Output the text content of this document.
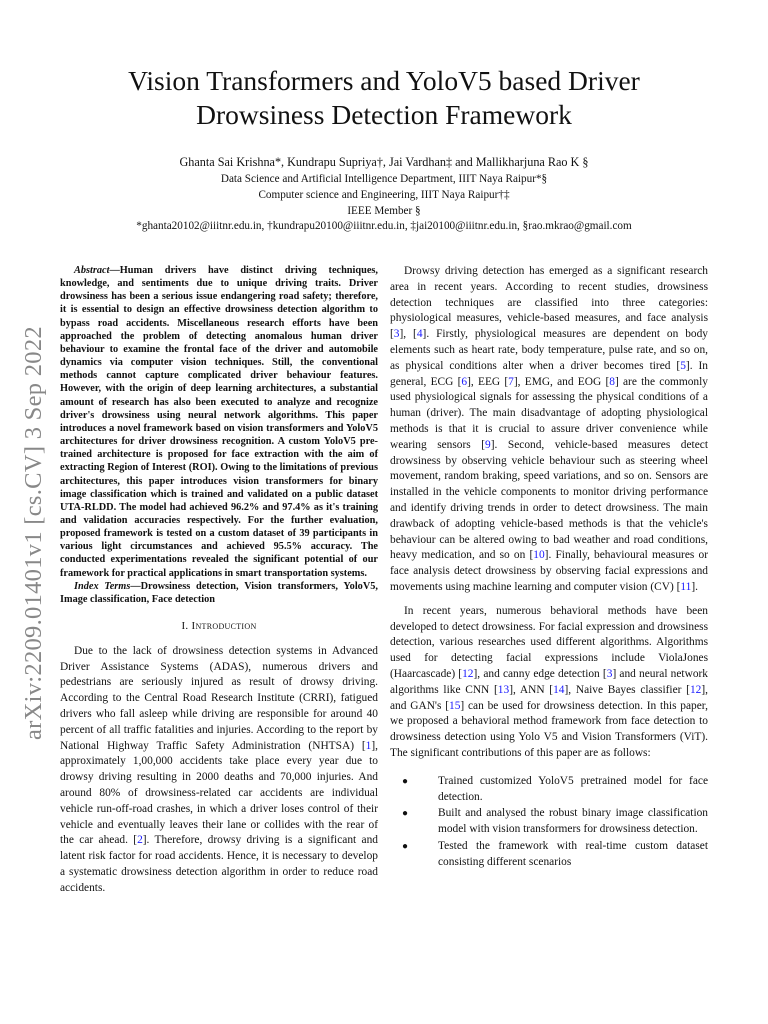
Vision Transformers and YoloV5 based Driver
Drowsiness Detection Framework
Ghanta Sai Krishna*, Kundrapu Supriya†, Jai Vardhan‡ and Mallikharjuna Rao K §
Data Science and Artificial Intelligence Department, IIIT Naya Raipur*§
Computer science and Engineering, IIIT Naya Raipur†‡
IEEE Member §
*ghanta20102@iiitnr.edu.in, †kundrapu20100@iiitnr.edu.in, ‡jai20100@iiitnr.edu.in, §rao.mkrao@gmail.com
arXiv:2209.01401v1 [cs.CV] 3 Sep 2022

Abstract—Human drivers have distinct driving techniques, knowledge, and sentiments due to unique driving traits. Driver drowsiness has been a serious issue endangering road safety; therefore, it is essential to design an effective drowsiness detection algorithm to bypass road accidents. Miscellaneous research efforts have been approached the problem of detecting anomalous human driver behaviour to examine the frontal face of the driver and automobile dynamics via computer vision techniques. Still, the conventional methods cannot capture complicated driver behaviour features. However, with the origin of deep learning architectures, a substantial amount of research has also been executed to analyze and recognize driver's drowsiness using neural network algorithms. This paper introduces a novel framework based on vision transformers and YoloV5 architectures for driver drowsiness recognition. A custom YoloV5 pre-trained architecture is proposed for face extraction with the aim of extracting Region of Interest (ROI). Owing to the limitations of previous architectures, this paper introduces vision transformers for binary image classification which is trained and validated on a public dataset UTA-RLDD. The model had achieved 96.2% and 97.4% as it's training and validation accuracies respectively. For the further evaluation, proposed framework is tested on a custom dataset of 39 participants in various light circumstances and achieved 95.5% accuracy. The conducted experimentations revealed the significant potential of our framework for practical applications in smart transportation systems.

Index Terms—Drowsiness detection, Vision transformers, YoloV5, Image classification, Face detection

I. Introduction

Due to the lack of drowsiness detection systems in Advanced Driver Assistance Systems (ADAS), numerous drivers and pedestrians are seriously injured as result of drowsy driving. According to the Central Road Research Institute (CRRI), fatigued drivers who fall asleep while driving are responsible for around 40 percent of all traffic fatalities and injuries. According to the report by National Highway Traffic Safety Administration (NHTSA) [1], approximately 1,00,000 accidents take place every year due to drowsy driving resulting in 2000 deaths and 70,000 injuries. And around 80% of drowsiness-related car accidents are individual vehicle run-off-road crashes, in which a driver loses control of their vehicle and eventually leaves their lane or collides with the rear of the car ahead. [2]. Therefore, drowsy driving is a significant and latent risk factor for road accidents. Hence, it is necessary to develop a systematic drowsiness detection algorithm in order to reduce road accidents.

Drowsy driving detection has emerged as a significant research area in recent years. According to recent studies, drowsiness detection techniques are classified into three categories: physiological measures, vehicle-based measures, and face analysis [3], [4]. Firstly, physiological measures are dependent on body elements such as heart rate, body temperature, pulse rate, and so on, as physical conditions alter when a driver becomes tired [5]. In general, ECG [6], EEG [7], EMG, and EOG [8] are the commonly used physiological signals for assessing the physical conditions of a human (driver). The main disadvantage of adopting physiological methods is that it is crucial to assure driver convenience while wearing sensors [9]. Second, vehicle-based measures detect drowsiness by observing vehicle behaviour such as steering wheel movement, random braking, speed variations, and so on. Sensors are installed in the vehicle components to monitor driving performance and identify driving trends in order to detect drowsiness. The main drawback of adopting vehicle-based methods is that the vehicle's behaviour can be altered owing to bad weather and road conditions, heavy medication, and so on [10]. Finally, behavioural measures or face analysis detect drowsiness by observing facial expressions and movements using machine learning and computer vision (CV) [11].

In recent years, numerous behavioral methods have been developed to detect drowsiness. For facial expression and drowsiness detection, various researches used different algorithms. Algorithms used for detecting facial expressions include ViolaJones (Haarcascade) [12], and canny edge detection [3] and neural network algorithms like CNN [13], ANN [14], Naive Bayes classifier [12], and GAN's [15] can be used for drowsiness detection. In this paper, we proposed a behavioral method framework from face detection to drowsiness detection using Yolo V5 and Vision Transformers (ViT). The significant contributions of this paper are as follows:

●	Trained customized YoloV5 pretrained model for face detection.
●	Built and analysed the robust binary image classification model with vision transformers for drowsiness detection.
●	Tested the framework with real-time custom dataset consisting different scenarios
